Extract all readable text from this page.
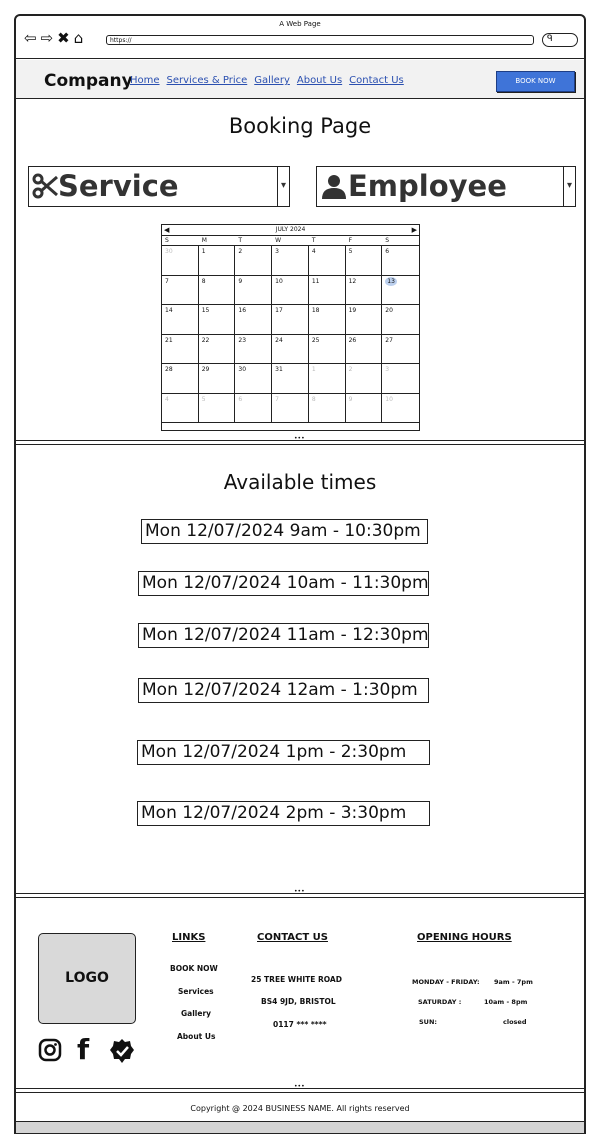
A Web Page
⇦ ⇨ ✖ ⌂	https://	ᑫ
Company
Home Services & Price Gallery About Us Contact Us	BOOK NOW
Booking Page
Service	▾	Employee	▾
◀	JULY 2024	▶
S	M	T	W	T	F	S
30	1	2	3	4	5	6
7	8	9	10	11	12	13
14	15	16	17	18	19	20
21	22	23	24	25	26	27
28	29	30	31	1	2	3
4	5	6	7	8	9	10
•••
Available times
Mon 12/07/2024 9am - 10:30pm
Mon 12/07/2024 10am - 11:30pm
Mon 12/07/2024 11am - 12:30pm
Mon 12/07/2024 12am - 1:30pm
Mon 12/07/2024 1pm - 2:30pm
Mon 12/07/2024 2pm - 3:30pm
•••
LOGO
f
LINKS
BOOK NOW
Services
Gallery
About Us
CONTACT US
25 TREE WHITE ROAD
BS4 9JD, BRISTOL
0117 *** ****
OPENING HOURS
MONDAY - FRIDAY: 9am - 7pm
SATURDAY :	10am - 8pm
SUN:	closed
•••
Copyright @ 2024 BUSINESS NAME. All rights reserved
